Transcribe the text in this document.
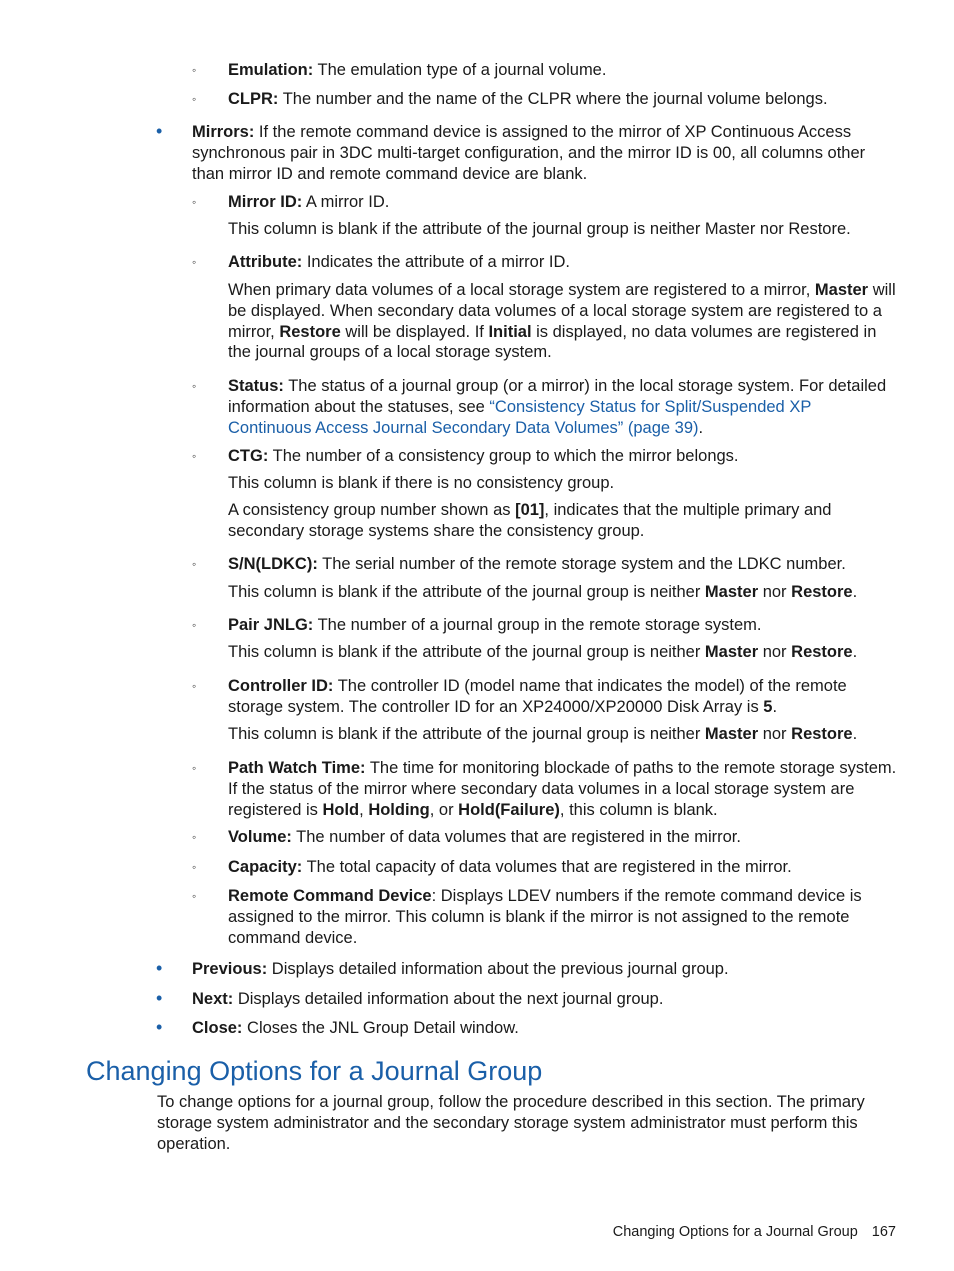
◦ Emulation: The emulation type of a journal volume.

◦ CLPR: The number and the name of the CLPR where the journal volume belongs.

• Mirrors: If the remote command device is assigned to the mirror of XP Continuous Access synchronous pair in 3DC multi-target configuration, and the mirror ID is 00, all columns other than mirror ID and remote command device are blank.

◦ Mirror ID: A mirror ID.

This column is blank if the attribute of the journal group is neither Master nor Restore.

◦ Attribute: Indicates the attribute of a mirror ID.

When primary data volumes of a local storage system are registered to a mirror, Master will be displayed. When secondary data volumes of a local storage system are registered to a mirror, Restore will be displayed. If Initial is displayed, no data volumes are registered in the journal groups of a local storage system.

◦ Status: The status of a journal group (or a mirror) in the local storage system. For detailed information about the statuses, see “Consistency Status for Split/Suspended XP Continuous Access Journal Secondary Data Volumes” (page 39).

◦ CTG: The number of a consistency group to which the mirror belongs.

This column is blank if there is no consistency group.

A consistency group number shown as [01], indicates that the multiple primary and secondary storage systems share the consistency group.

◦ S/N(LDKC): The serial number of the remote storage system and the LDKC number.

This column is blank if the attribute of the journal group is neither Master nor Restore.

◦ Pair JNLG: The number of a journal group in the remote storage system.

This column is blank if the attribute of the journal group is neither Master nor Restore.

◦ Controller ID: The controller ID (model name that indicates the model) of the remote storage system. The controller ID for an XP24000/XP20000 Disk Array is 5.

This column is blank if the attribute of the journal group is neither Master nor Restore.

◦ Path Watch Time: The time for monitoring blockade of paths to the remote storage system. If the status of the mirror where secondary data volumes in a local storage system are registered is Hold, Holding, or Hold(Failure), this column is blank.

◦ Volume: The number of data volumes that are registered in the mirror.

◦ Capacity: The total capacity of data volumes that are registered in the mirror.

◦ Remote Command Device: Displays LDEV numbers if the remote command device is assigned to the mirror. This column is blank if the mirror is not assigned to the remote command device.

• Previous: Displays detailed information about the previous journal group.

• Next: Displays detailed information about the next journal group.

• Close: Closes the JNL Group Detail window.

Changing Options for a Journal Group

To change options for a journal group, follow the procedure described in this section. The primary storage system administrator and the secondary storage system administrator must perform this operation.

Changing Options for a Journal Group 167
